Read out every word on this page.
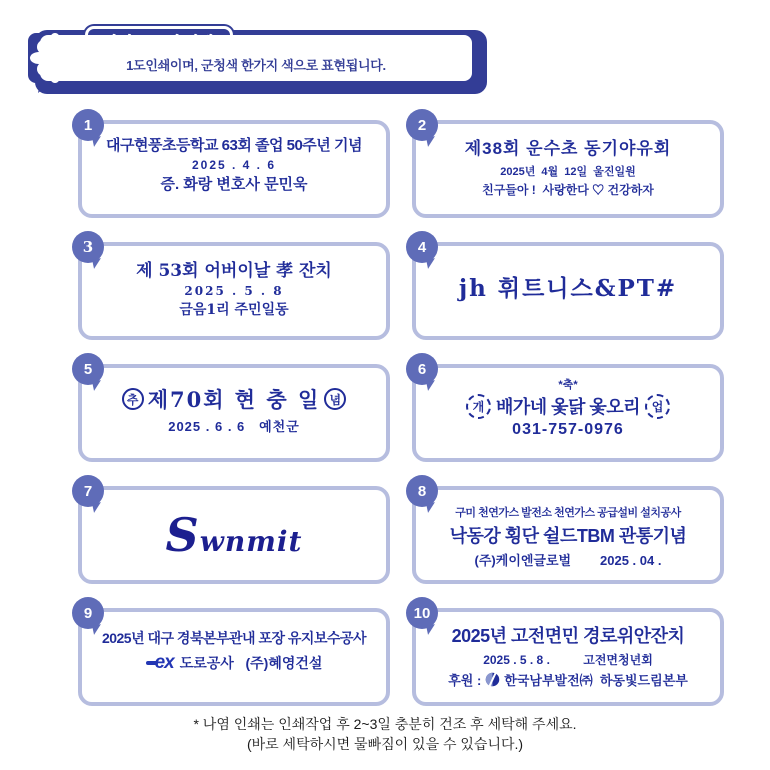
1도인쇄이며, 군청색 한가지 색으로 표현됩니다.
1
대구현풍초등학교 63회 졸업 50주년 기념
2025 . 4 . 6
증. 화랑 변호사 문민욱
2
제38회 운수초 동기야유회
2025년  4월  12일  울진일원
친구들아 !  사랑한다 ♡ 건강하자
3
제 53회 어버이날 孝 잔치
2025 . 5 . 8
금음1리 주민일동
4
jh 휘트니스&PT#
5
추 제70회 현 충 일 념
2025 . 6 . 6   예천군
6
*축*
개 배가네 옻닭 옻오리 업
031-757-0976
7
Swnmit
8
구미 천연가스 발전소 천연가스 공급설비 설치공사
낙동강 횡단 쉴드TBM 관통기념
(주)케이엔글로벌        2025 . 04 .
9
2025년 대구 경북본부관내 포장 유지보수공사
ex 도로공사   (주)혜영건설
10
2025년 고전면민 경로위안잔치
2025 . 5 . 8 .          고전면청년회
후원 : 한국남부발전㈜  하동빛드림본부
* 나염 인쇄는 인쇄작업 후 2~3일 충분히 건조 후 세탁해 주세요.
(바로 세탁하시면 물빠짐이 있을 수 있습니다.)
